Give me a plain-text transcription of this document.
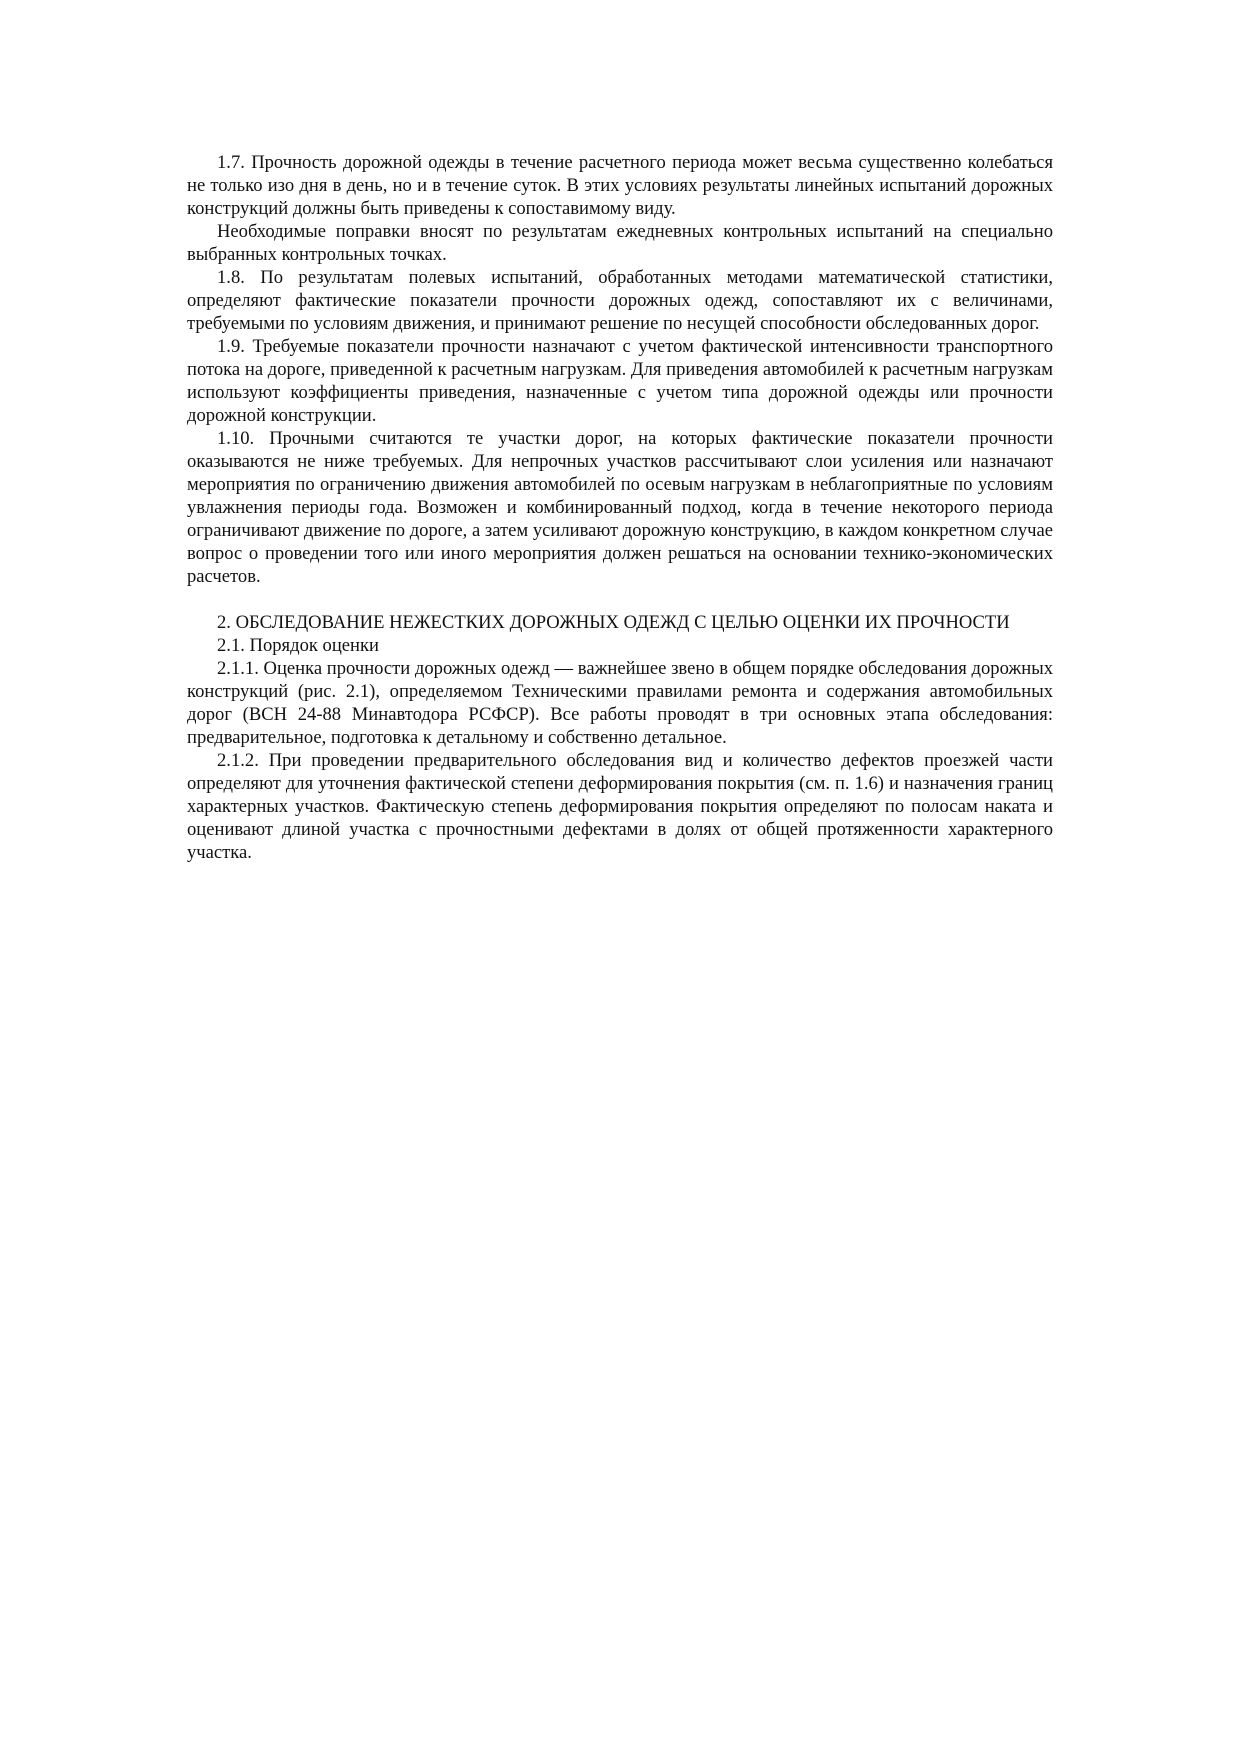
1.7. Прочность дорожной одежды в течение расчетного периода может весьма существенно колебаться не только изо дня в день, но и в течение суток. В этих условиях результаты линейных испытаний дорожных конструкций должны быть приведены к сопоставимому виду.

Необходимые поправки вносят по результатам ежедневных контрольных испытаний на специально выбранных контрольных точках.

1.8. По результатам полевых испытаний, обработанных методами математической статистики, определяют фактические показатели прочности дорожных одежд, сопоставляют их с величинами, требуемыми по условиям движения, и принимают решение по несущей способности обследованных дорог.

1.9. Требуемые показатели прочности назначают с учетом фактической интенсивности транспортного потока на дороге, приведенной к расчетным нагрузкам. Для приведения автомобилей к расчетным нагрузкам используют коэффициенты приведения, назначенные с учетом типа дорожной одежды или прочности дорожной конструкции.

1.10. Прочными считаются те участки дорог, на которых фактические показатели прочности оказываются не ниже требуемых. Для непрочных участков рассчитывают слои усиления или назначают мероприятия по ограничению движения автомобилей по осевым нагрузкам в неблагоприятные по условиям увлажнения периоды года. Возможен и комбинированный подход, когда в течение некоторого периода ограничивают движение по дороге, а затем усиливают дорожную конструкцию, в каждом конкретном случае вопрос о проведении того или иного мероприятия должен решаться на основании технико-экономических расчетов.

2. ОБСЛЕДОВАНИЕ НЕЖЕСТКИХ ДОРОЖНЫХ ОДЕЖД С ЦЕЛЬЮ ОЦЕНКИ ИХ ПРОЧНОСТИ

2.1. Порядок оценки

2.1.1. Оценка прочности дорожных одежд — важнейшее звено в общем порядке обследования дорожных конструкций (рис. 2.1), определяемом Техническими правилами ремонта и содержания автомобильных дорог (ВСН 24-88 Минавтодора РСФСР). Все работы проводят в три основных этапа обследования: предварительное, подготовка к детальному и собственно детальное.

2.1.2. При проведении предварительного обследования вид и количество дефектов проезжей части определяют для уточнения фактической степени деформирования покрытия (см. п. 1.6) и назначения границ характерных участков. Фактическую степень деформирования покрытия определяют по полосам наката и оценивают длиной участка с прочностными дефектами в долях от общей протяженности характерного участка.
